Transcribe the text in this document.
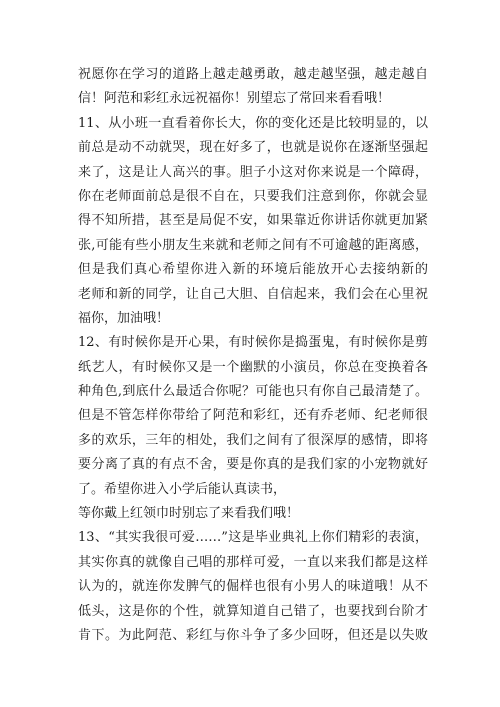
祝愿你在学习的道路上越走越勇敢，越走越坚强，越走越自
信！阿范和彩红永远祝福你！别望忘了常回来看看哦！
11、从小班一直看着你长大，你的变化还是比较明显的，以
前总是动不动就哭，现在好多了，也就是说你在逐渐坚强起
来了，这是让人高兴的事。胆子小这对你来说是一个障碍，
你在老师面前总是很不自在，只要我们注意到你，你就会显
得不知所措，甚至是局促不安，如果靠近你讲话你就更加紧
张,可能有些小朋友生来就和老师之间有不可逾越的距离感，
但是我们真心希望你进入新的环境后能放开心去接纳新的
老师和新的同学，让自己大胆、自信起来，我们会在心里祝
福你，加油哦！
12、有时候你是开心果，有时候你是捣蛋鬼，有时候你是剪
纸艺人，有时候你又是一个幽默的小演员，你总在变换着各
种角色,到底什么最适合你呢？可能也只有你自己最清楚了。
但是不管怎样你带给了阿范和彩红，还有乔老师、纪老师很
多的欢乐，三年的相处，我们之间有了很深厚的感情，即将
要分离了真的有点不舍，要是你真的是我们家的小宠物就好
了。希望你进入小学后能认真读书，
等你戴上红领巾时别忘了来看我们哦！
13、“其实我很可爱……”这是毕业典礼上你们精彩的表演，
其实你真的就像自己唱的那样可爱，一直以来我们都是这样
认为的，就连你发脾气的倔样也很有小男人的味道哦！从不
低头，这是你的个性，就算知道自己错了，也要找到台阶才
肯下。为此阿范、彩红与你斗争了多少回呀，但还是以失败
